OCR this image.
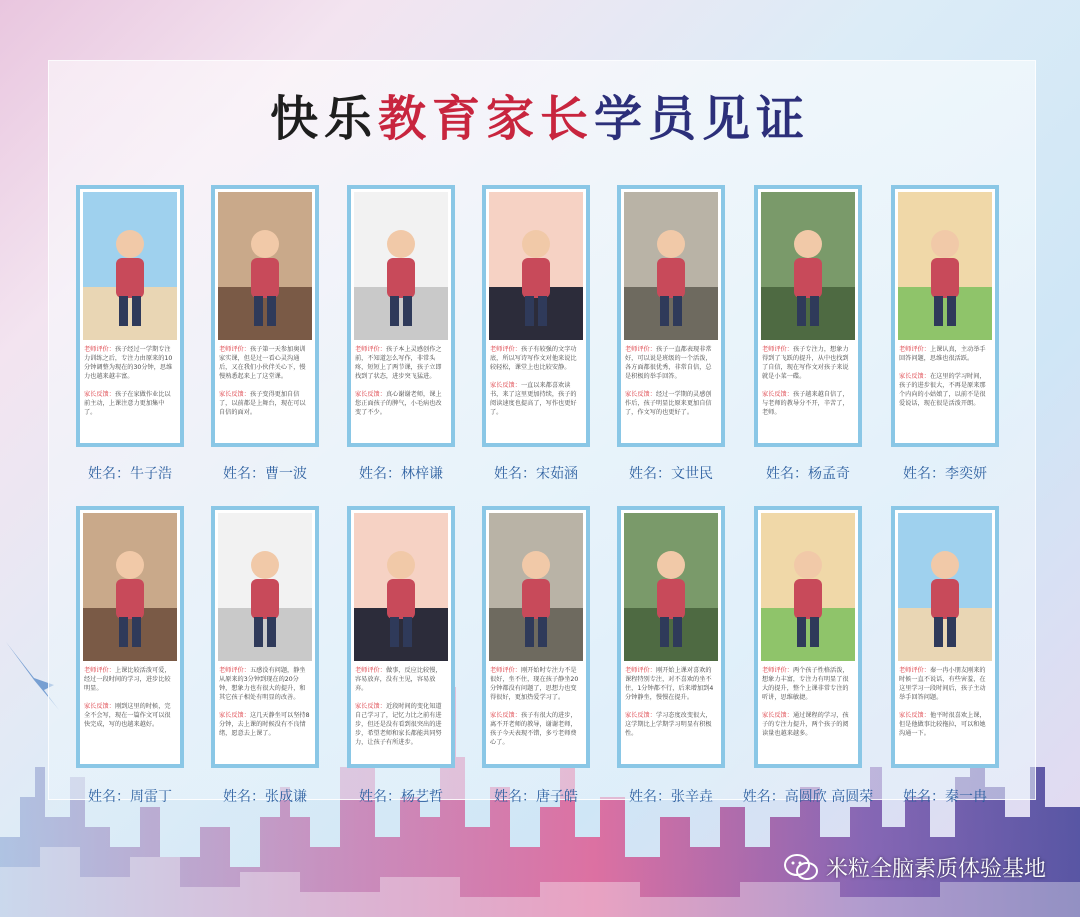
快乐教育家长学员见证
老师评价：孩子经过一学期专注力训练之后，专注力由原来的10分钟调整为现在的30分钟，思维力也越来越丰富。

家长反馈：孩子在家做作业比以前主动，上课注意力更加集中了。
姓名：牛子浩
老师评价：孩子第一天参加奥训家实课，但是过一看心灵沟通后，又在我们小伙伴关心下，慢慢熟悉起来上了这堂课。

家长反馈：孩子变得更加自信了，以前都是上舞台，现在可以自信的面对。
姓名：曹一波
老师评价：孩子本上灵感创作之前，不知道怎么写作，非常头疼，短短上了两节课，孩子立即找到了状态，进步突飞猛进。

家长反馈：真心谢谢老师，课上您正面孩子的脾气，小毛病也改变了不少。
姓名：林梓谦
老师评价：孩子有较强的文字功底，所以写诗写作文对他来说比较轻松，课堂上也比较安静。

家长反馈：一直以来都喜欢读书，来了这里更加持续，孩子的阅读速度也提高了，写作也更好了。
姓名：宋茹涵
老师评价：孩子一直都表现非常好，可以说是班级的一个活泼，各方面都很优秀，非常自信，总是积极的举手回答。

家长反馈：经过一学期的灵感创作后，孩子明显比原来更加自信了，作文写的也更好了。
姓名：文世民
老师评价：孩子专注力，想象力得到了飞跃的提升，从中也找到了自信，现在写作文对孩子来说就是小菜一碟。

家长反馈：孩子越来越自信了，与老师的教导分不开，辛苦了，老师。
姓名：杨孟奇
老师评价：上课认真，主动举手回答问题，思维也很活跃。

家长反馈：在这里的学习时间，孩子的进步很大，不再是原来那个内向的小姑娘了，以前不是很爱说话，现在很是活泼开朗。
姓名：李奕妍
老师评价：上课比较活泼可爱，经过一段时间的学习，进步比较明显。

家长反馈：刚到这里的时候，完全不会写，现在一篇作文可以很快完成，写的也越来越好。
姓名：周雷丁
老师评价：五感没有问题，静坐从原来的3分钟到现在的20分钟，想象力也有很大的提升，和其它孩子相处有明显的改善。

家长反馈：这几天静坐可以坚持8分钟，去上课的时候没有不良情绪，愿意去上课了。
姓名：张成谦
老师评价：做事，反应比较慢，容易放弃，没有主见，容易放弃。

家长反馈：近段时间的变化知道自己学习了，记忆力比之前有进步，但还是没有看到很突出的进步，希望老师和家长都能共同努力，让孩子有所进步。
姓名：杨艺哲
老师评价：刚开始时专注力不是很好，坐不住，现在孩子静坐20分钟都没有问题了，思想力也变得很好，更加热爱学习了。

家长反馈：孩子有很大的进步，离不开老师的教导，谢谢老师，孩子今天表现不错，多亏老师费心了。
姓名：唐子皓
老师评价：刚开始上课对喜欢的课程特别专注，对不喜欢的坐不住，1分钟都不行，后来增加到4分钟静坐，慢慢在提升。

家长反馈：学习态度改变很大，这学期比上学期学习明显有积极性。
姓名：张辛垚
老师评价：两个孩子性格活泼，想象力丰富，专注力有明显了很大的提升，整个上课非常专注的听讲，思维敏捷。

家长反馈：通过课程的学习，孩子的专注力提升，两个孩子的阅读量也越来越多。
姓名：高圆欣 高圆荣
老师评价：秦一冉小朋友刚来的时候一直不说话，有些害羞，在这里学习一段时间后，孩子主动举手回答问题。

家长反馈：他平时很喜欢上课，但是他做事比较拖拉，可以和她沟通一下。
姓名：秦一冉
米粒全脑素质体验基地
